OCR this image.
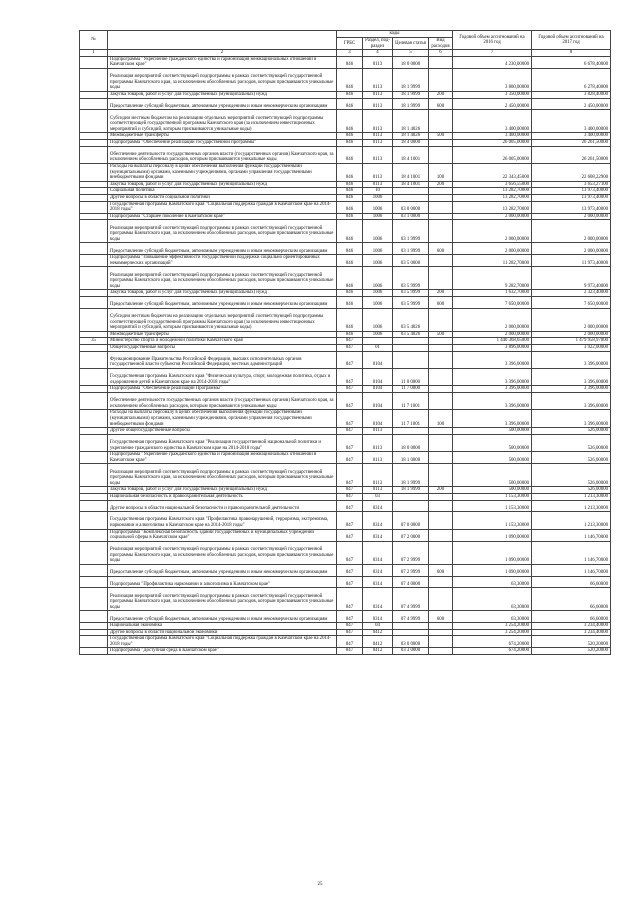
№		коды				Годовой объем ассигнований на 2016 год	Годовой объем ассигнований на 2017 год
		ГРБС	Раздел, под-раздел	Целевая статья	Вид расходов		
1	2	3	4	5	6	7	8
	Подпрограмма "Укрепление гражданского единства и гармонизация межнациональных отношений в Камчатском крае"	846	0113	18 0 0000		4 230,00000	6 678,40000
	Реализация мероприятий соответствующей подпрограммы в рамках соответствующей государственной программы Камчатского края, за исключением обособленных расходов, которым присваиваются уникальные коды	846	0113	18 1 9999		3 800,00000	6 278,40000
	Закупка товаров, работ и услуг для государственных (муниципальных) нужд	846	0113	18 1 9999	200	3 350,00000	3 828,40000
	Предоставление субсидий бюджетным, автономным учреждениям и иным некоммерческим организациям	846	0113	18 1 9999	600	2 450,00000	2 450,00000
	Субсидии местным бюджетам на реализацию отдельных мероприятий соответствующей подпрограммы соответствующей государственной программы Камчатского края (за исключением инвестиционных мероприятий и субсидий, которым присваиваются уникальные коды)	846	0113	18 1 4026		3 400,00000	3 400,00000
	Межбюджетные трансферты	846	0113	18 1 4026	500	3 400,00000	3 400,00000
	Подпрограмма "Обеспечение реализации государственной программы"	846	0113	18 4 0000		26 005,00000	26 261,50000
	Обеспечение деятельности государственных органов власти (государственных органов) Камчатского края, за исключением обособленных расходов, которым присваиваются уникальные коды	846	0113	18 4 1001		26 005,00000	26 261,50000
	Расходы на выплаты персоналу в целях обеспечения выполнения функций государственными (муниципальными) органами, казенными учреждениями, органами управления государственными внебюджетными фондами	846	0113	18 4 1001	100	22 343,45000	22 608,22900
	Закупка товаров, работ и услуг для государственных (муниципальных) нужд	846	0113	18 4 1001	200	3 656,55000	3 653,27100
	Социальная политика	846	10			13 282,70000	13 973,40000
	Другие вопросы в области социальной политики	846	1006			13 282,70000	13 973,40000
	Государственная программа Камчатского края "Социальная поддержка граждан в Камчатском крае на 2014-2018 годы"	846	1006	03 0 0000		13 282,70000	13 973,40000
	Подпрограмма "Старшее поколение в Камчатском крае"	846	1006	03 1 0000		2 000,00000	2 000,00000
	Реализация мероприятий соответствующей подпрограммы в рамках соответствующей государственной программы Камчатского края, за исключением обособленных расходов, которым присваиваются уникальные коды	846	1006	03 1 9999		2 000,00000	2 000,00000
	Предоставление субсидий бюджетным, автономным учреждениям и иным некоммерческим организациям	846	1006	03 1 9999	600	2 000,00000	2 000,00000
	Подпрограмма "Повышение эффективности государственной поддержки социально ориентированных некоммерческих организаций"	846	1006	03 5 0000		11 282,70000	11 973,40000
	Реализация мероприятий соответствующей подпрограммы в рамках соответствующей государственной программы Камчатского края, за исключением обособленных расходов, которым присваиваются уникальные коды	846	1006	03 5 9999		9 282,70000	9 973,40000
	Закупка товаров, работ и услуг для государственных (муниципальных) нужд	846	1006	03 5 9999	200	1 632,70000	2 323,40000
	Предоставление субсидий бюджетным, автономным учреждениям и иным некоммерческим организациям	846	1006	03 5 9999	600	7 650,00000	7 650,00000
	Субсидии местным бюджетам на реализацию отдельных мероприятий соответствующей подпрограммы соответствующей государственной программы Камчатского края (за исключением инвестиционных мероприятий и субсидий, которым присваиваются уникальные коды)	846	1006	03 5 4026		2 000,00000	2 000,00000
	Межбюджетные трансферты	846	1006	03 5 4026	500	2 000,00000	2 000,00000
35	Министерство спорта и молодежной политики Камчатского края	847				1 440 368,65000	1 479 958,97000
	Общегосударственные вопросы	847	01			3 896,00000	3 922,00000
	Функционирование Правительства Российской Федерации, высших исполнительных органов государственной власти субъектов Российской Федерации, местных администраций	847	0104			3 396,00000	3 396,00000
	Государственная программа Камчатского края "Физическая культура, спорт, молодежная политика, отдых и оздоровление детей в Камчатском крае на 2014-2018 годы"	847	0104	11 0 0000		3 396,00000	3 396,00000
	Подпрограмма "Обеспечение реализации Программы"	847	0104	11 7 0000		3 396,00000	3 396,00000
	Обеспечение деятельности государственных органов власти (государственных органов) Камчатского края, за исключением обособленных расходов, которым присваиваются уникальные коды	847	0104	11 7 1001		3 396,00000	3 396,00000
	Расходы на выплаты персоналу в целях обеспечения выполнения функций государственными (муниципальными) органами, казенными учреждениями, органами управления государственными внебюджетными фондами	847	0104	11 7 1001	100	3 396,00000	3 396,00000
	Другие общегосударственные вопросы	847	0113			500,00000	526,00000
	Государственная программа Камчатского края "Реализация государственной национальной политики и укрепление гражданского единства в Камчатском крае на 2014-2018 годы"	847	0113	18 0 0000		500,00000	526,00000
	Подпрограмма "Укрепление гражданского единства и гармонизация межнациональных отношений в Камчатском крае"	847	0113	18 1 0000		500,00000	526,00000
	Реализация мероприятий соответствующей подпрограммы в рамках соответствующей государственной программы Камчатского края, за исключением обособленных расходов, которым присваиваются уникальные коды	847	0113	18 1 9999		500,00000	526,00000
	Закупка товаров, работ и услуг для государственных (муниципальных) нужд	847	0113	18 1 9999	200	500,00000	526,00000
	Национальная безопасность и правоохранительная деятельность	847	03			1 153,30000	1 213,30000
	Другие вопросы в области национальной безопасности и правоохранительной деятельности	847	0314			1 153,30000	1 213,30000
	Государственная программа Камчатского края "Профилактика правонарушений, терроризма, экстремизма, наркомании и алкоголизма в Камчатском крае на 2014-2018 годы"	847	0314	07 0 0000		1 153,30000	1 213,30000
	Подпрограмма "Комплексная безопасность зданий государственных и муниципальных учреждений социальной сферы в Камчатском крае"	847	0314	07 2 0000		1 090,00000	1 146,70000
	Реализация мероприятий соответствующей подпрограммы в рамках соответствующей государственной программы Камчатского края, за исключением обособленных расходов, которым присваиваются уникальные коды	847	0314	07 2 9999		1 090,00000	1 146,70000
	Предоставление субсидий бюджетным, автономным учреждениям и иным некоммерческим организациям	847	0314	07 2 9999	600	1 090,00000	1 146,70000
	Подпрограмма "Профилактика наркомании и алкоголизма в Камчатском крае"	847	0314	07 4 0000		63,30000	66,60000
	Реализация мероприятий соответствующей подпрограммы в рамках соответствующей государственной программы Камчатского края, за исключением обособленных расходов, которым присваиваются уникальные коды	847	0314	07 4 9999		63,30000	66,60000
	Предоставление субсидий бюджетным, автономным учреждениям и иным некоммерческим организациям	847	0314	07 4 9999	600	63,30000	66,60000
	Национальная экономика	847	04			3 254,20000	3 234,40000
	Другие вопросы в области национальной экономики	847	0412			3 254,20000	3 234,40000
	Государственная программа Камчатского края "Социальная поддержка граждан в Камчатском крае на 2014-2018 годы"	847	0412	03 0 0000		674,20000	520,20000
	Подпрограмма "Доступная среда в Камчатском крае"	847	0412	03 3 0000		674,20000	520,20000
25
